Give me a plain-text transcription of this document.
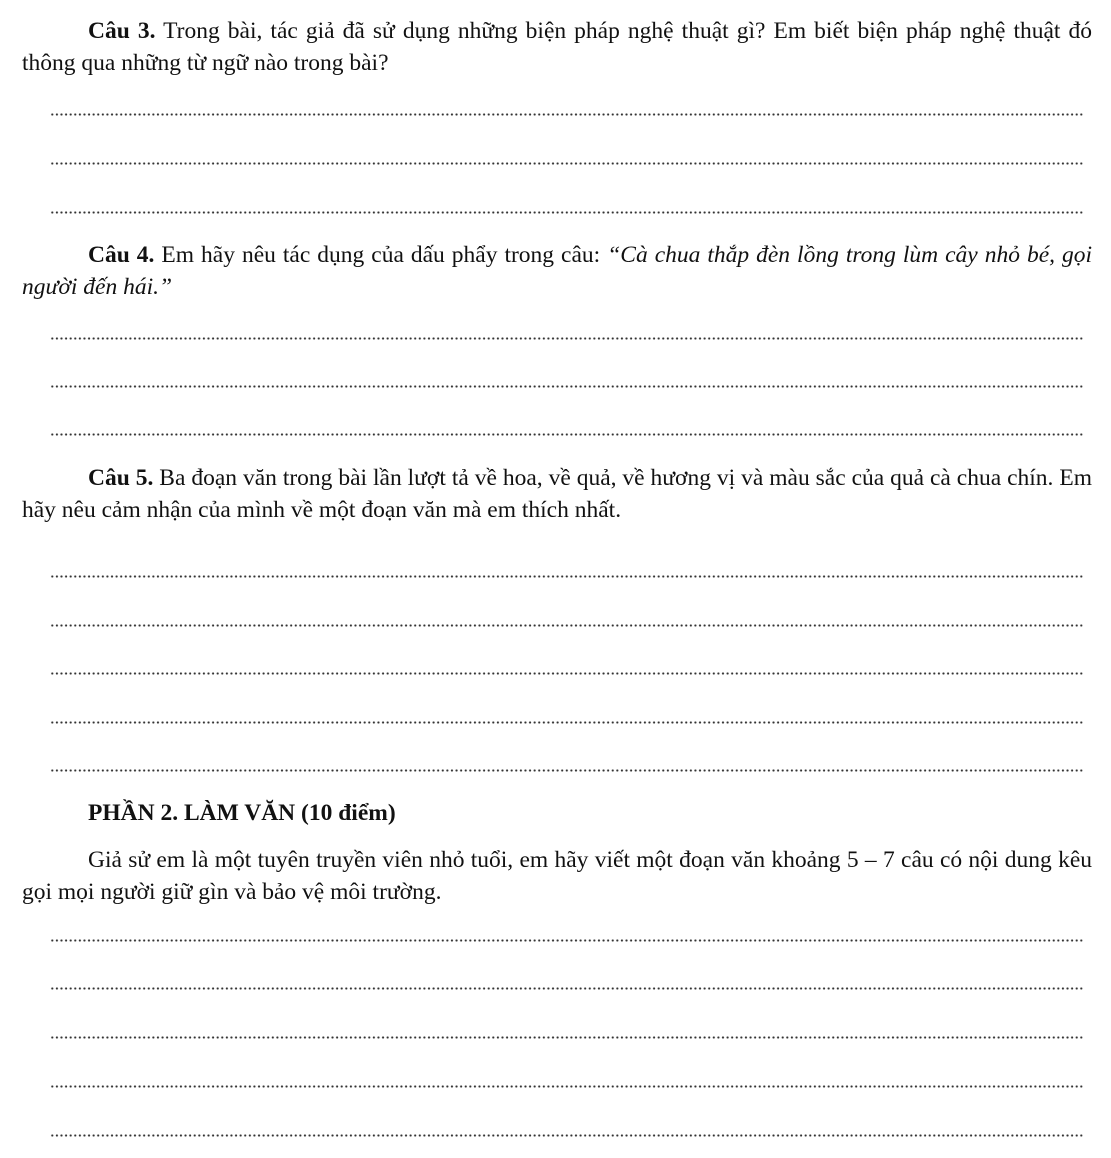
Câu 3. Trong bài, tác giả đã sử dụng những biện pháp nghệ thuật gì? Em biết biện pháp nghệ thuật đó thông qua những từ ngữ nào trong bài?

Câu 4. Em hãy nêu tác dụng của dấu phẩy trong câu: “Cà chua thắp đèn lồng trong lùm cây nhỏ bé, gọi người đến hái.”

Câu 5. Ba đoạn văn trong bài lần lượt tả về hoa, về quả, về hương vị và màu sắc của quả cà chua chín. Em hãy nêu cảm nhận của mình về một đoạn văn mà em thích nhất.

PHẦN 2. LÀM VĂN (10 điểm)

Giả sử em là một tuyên truyền viên nhỏ tuổi, em hãy viết một đoạn văn khoảng 5 – 7 câu có nội dung kêu gọi mọi người giữ gìn và bảo vệ môi trường.
